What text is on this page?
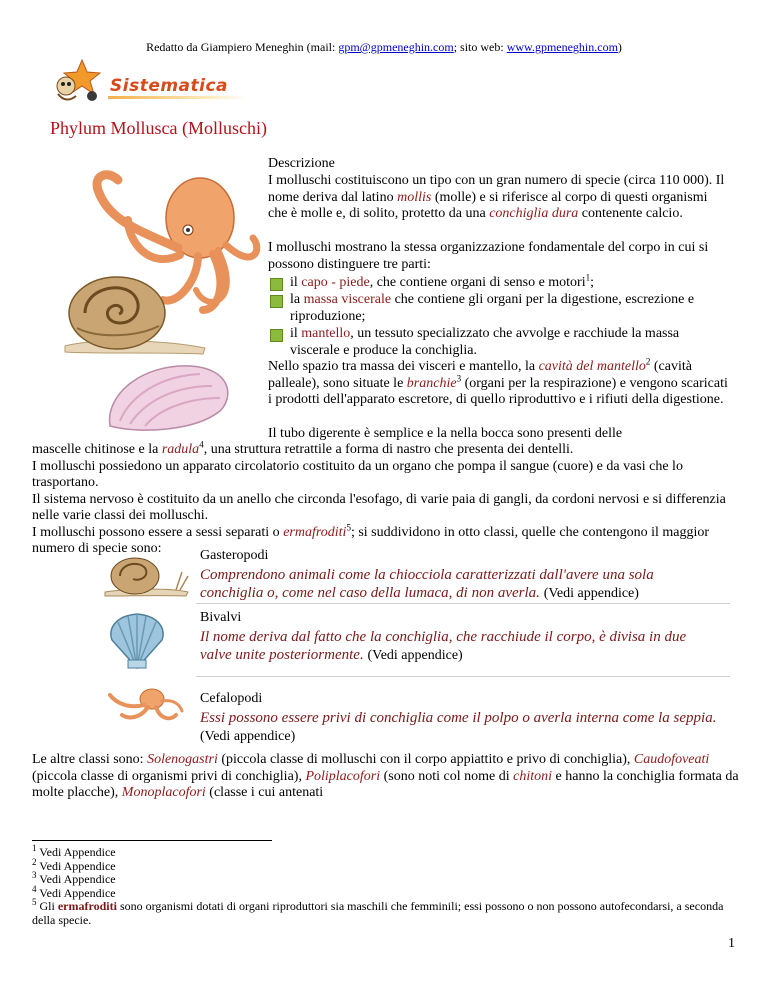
Redatto da Giampiero Meneghin (mail: gpm@gpmeneghin.com; sito web: www.gpmeneghin.com)
Sistematica
Phylum Mollusca (Molluschi)
Descrizione
I molluschi costituiscono un tipo con un gran numero di specie (circa 110 000). Il nome deriva dal latino mollis (molle) e si riferisce al corpo di questi organismi che è molle e, di solito, protetto da una conchiglia dura contenente calcio.
I molluschi mostrano la stessa organizzazione fondamentale del corpo in cui si possono distinguere tre parti:
il capo - piede, che contiene organi di senso e motori$^1$;
la massa viscerale che contiene gli organi per la digestione, escrezione e riproduzione;
il mantello, un tessuto specializzato che avvolge e racchiude la massa viscerale e produce la conchiglia.
Nello spazio tra massa dei visceri e mantello, la cavità del mantello$^2$ (cavità palleale), sono situate le branchie$^3$ (organi per la respirazione) e vengono scaricati i prodotti dell'apparato escretore, di quello riproduttivo e i rifiuti della digestione.
Il tubo digerente è semplice e la nella bocca sono presenti delle
mascelle chitinose e la radula$^4$, una struttura retrattile a forma di nastro che presenta dei dentelli.
I molluschi possiedono un apparato circolatorio costituito da un organo che pompa il sangue (cuore) e da vasi che lo trasportano.
Il sistema nervoso è costituito da un anello che circonda l'esofago, di varie paia di gangli, da cordoni nervosi e si differenzia nelle varie classi dei molluschi.
I molluschi possono essere a sessi separati o ermafroditi$^5$; si suddividono in otto classi, quelle che contengono il maggior numero di specie sono:	Gasteropodi
Comprendono animali come la chiocciola caratterizzati dall'avere una sola conchiglia o, come nel caso della lumaca, di non averla. (Vedi appendice)
Bivalvi
Il nome deriva dal fatto che la conchiglia, che racchiude il corpo, è divisa in due valve unite posteriormente. (Vedi appendice)
Cefalopodi
Essi possono essere privi di conchiglia come il polpo o averla interna come la seppia. (Vedi appendice)
Le altre classi sono: Solenogastri (piccola classe di molluschi con il corpo appiattito e privo di conchiglia), Caudofoveati (piccola classe di organismi privi di conchiglia), Poliplacofori (sono noti col nome di chitoni e hanno la conchiglia formata da molte placche), Monoplacofori (classe i cui antenati
$^1$ Vedi Appendice
$^2$ Vedi Appendice
$^3$ Vedi Appendice
$^4$ Vedi Appendice
$^5$ Gli ermafroditi sono organismi dotati di organi riproduttori sia maschili che femminili; essi possono o non possono autofecondarsi, a seconda della specie.
1
